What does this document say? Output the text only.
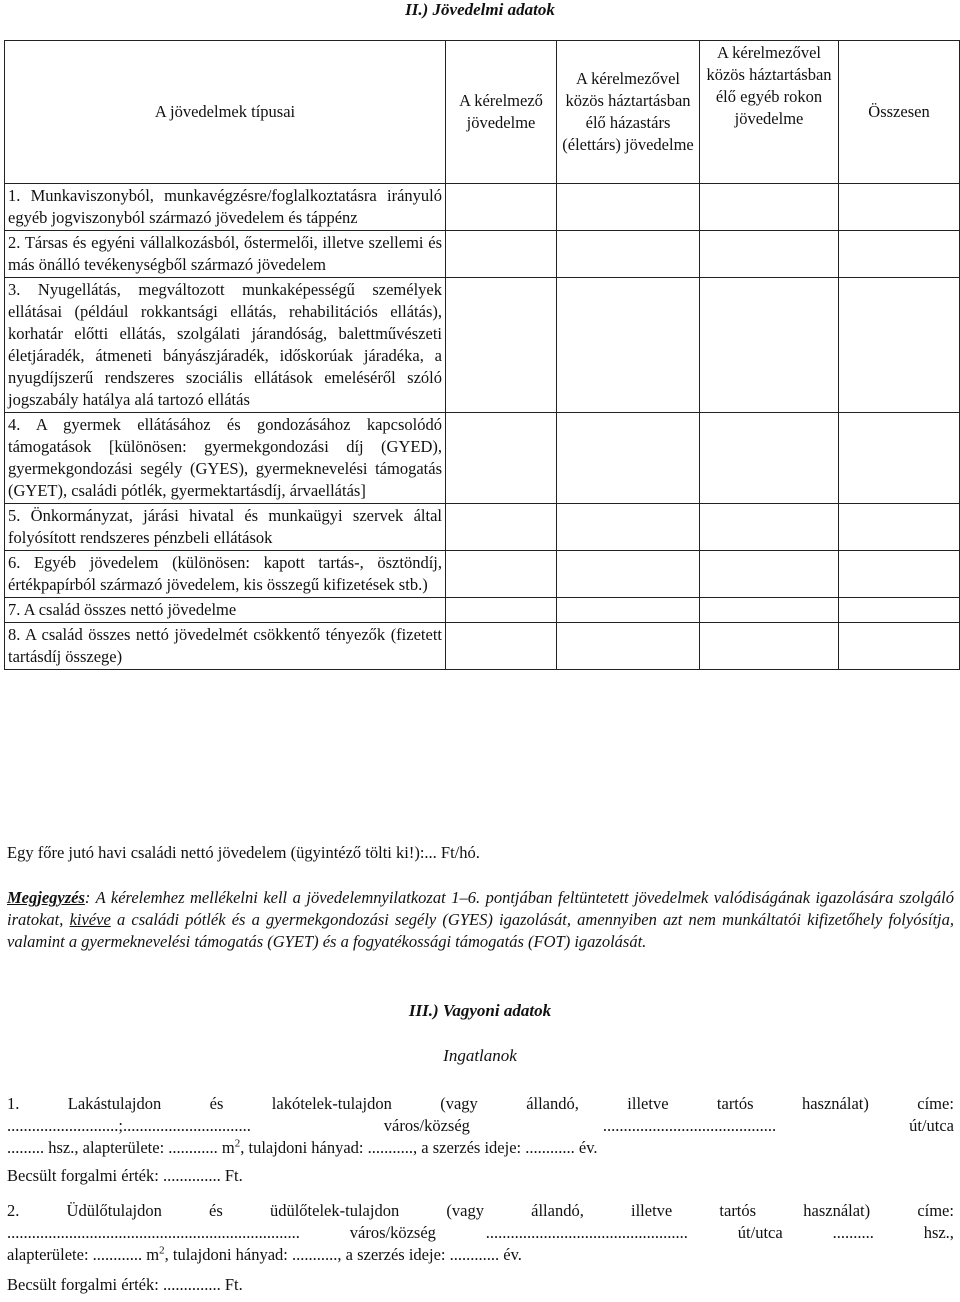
II.) Jövedelmi adatok
A jövedelmek típusai	A kérelmező jövedelme	A kérelmezővel közös háztartásban élő házastárs (élettárs) jövedelme	A kérelmezővel közös háztartásban élő egyéb rokon jövedelme	Összesen
1. Munkaviszonyból, munkavégzésre/foglalkoztatásra irányuló egyéb jogviszonyból származó jövedelem és táppénz				
2. Társas és egyéni vállalkozásból, őstermelői, illetve szellemi és más önálló tevékenységből származó jövedelem				
3. Nyugellátás, megváltozott munkaképességű személyek ellátásai (például rokkantsági ellátás, rehabilitációs ellátás), korhatár előtti ellátás, szolgálati járandóság, balettművészeti életjáradék, átmeneti bányászjáradék, időskorúak járadéka, a nyugdíjszerű rendszeres szociális ellátások emeléséről szóló jogszabály hatálya alá tartozó ellátás				
4. A gyermek ellátásához és gondozásához kapcsolódó támogatások [különösen: gyermekgondozási díj (GYED), gyermekgondozási segély (GYES), gyermeknevelési támogatás (GYET), családi pótlék, gyermektartásdíj, árvaellátás]				
5. Önkormányzat, járási hivatal és munkaügyi szervek által folyósított rendszeres pénzbeli ellátások				
6. Egyéb jövedelem (különösen: kapott tartás-, ösztöndíj, értékpapírból származó jövedelem, kis összegű kifizetések stb.)				
7. A család összes nettó jövedelme				
8. A család összes nettó jövedelmét csökkentő tényezők (fizetett tartásdíj összege)				
Egy főre jutó havi családi nettó jövedelem (ügyintéző tölti ki!):... Ft/hó.
Megjegyzés: A kérelemhez mellékelni kell a jövedelemnyilatkozat 1–6. pontjában feltüntetett jövedelmek valódiságának igazolására szolgáló iratokat, kivéve a családi pótlék és a gyermekgondozási segély (GYES) igazolását, amennyiben azt nem munkáltatói kifizetőhely folyósítja, valamint a gyermeknevelési támogatás (GYET) és a fogyatékossági támogatás (FOT) igazolását.
III.) Vagyoni adatok
Ingatlanok
1.	Lakástulajdon	és	lakótelek-tulajdon	(vagy	állandó,	illetve	tartós	használat)	címe:
...........................;...............................	város/község	..........................................	út/utca
......... hsz., alapterülete: ............ $m^2$, tulajdoni hányad: ..........., a szerzés ideje: ............ év.
Becsült forgalmi érték: .............. Ft.
2.	Üdülőtulajdon	és	üdülőtelek-tulajdon	(vagy	állandó,	illetve	tartós	használat)	címe:
.......................................................................	város/község	.................................................	út/utca	..........	hsz.,
alapterülete: ............ $m^2$, tulajdoni hányad: ..........., a szerzés ideje: ............ év.
Becsült forgalmi érték: .............. Ft.
